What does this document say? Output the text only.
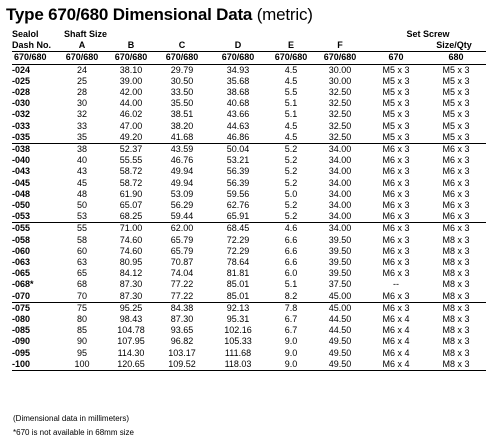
Type 670/680 Dimensional Data (metric)
Sealol	Shaft Size					Set Screw		
Dash No.	A	B	C	D	E	F	Size/Qty	
670/680	670/680	670/680	670/680	670/680	670/680	670/680	670	680
-024	24	38.10	29.79	34.93	4.5	30.00	M5 x 3	M5 x 3
-025	25	39.00	30.50	35.68	4.5	30.00	M5 x 3	M5 x 3
-028	28	42.00	33.50	38.68	5.5	32.50	M5 x 3	M5 x 3
-030	30	44.00	35.50	40.68	5.1	32.50	M5 x 3	M5 x 3
-032	32	46.02	38.51	43.66	5.1	32.50	M5 x 3	M5 x 3
-033	33	47.00	38.20	44.63	4.5	32.50	M5 x 3	M5 x 3
-035	35	49.20	41.68	46.86	4.5	32.50	M5 x 3	M5 x 3
-038	38	52.37	43.59	50.04	5.2	34.00	M6 x 3	M6 x 3
-040	40	55.55	46.76	53.21	5.2	34.00	M6 x 3	M6 x 3
-043	43	58.72	49.94	56.39	5.2	34.00	M6 x 3	M6 x 3
-045	45	58.72	49.94	56.39	5.2	34.00	M6 x 3	M6 x 3
-048	48	61.90	53.09	59.56	5.0	34.00	M6 x 3	M6 x 3
-050	50	65.07	56.29	62.76	5.2	34.00	M6 x 3	M6 x 3
-053	53	68.25	59.44	65.91	5.2	34.00	M6 x 3	M6 x 3
-055	55	71.00	62.00	68.45	4.6	34.00	M6 x 3	M6 x 3
-058	58	74.60	65.79	72.29	6.6	39.50	M6 x 3	M8 x 3
-060	60	74.60	65.79	72.29	6.6	39.50	M6 x 3	M8 x 3
-063	63	80.95	70.87	78.64	6.6	39.50	M6 x 3	M8 x 3
-065	65	84.12	74.04	81.81	6.0	39.50	M6 x 3	M8 x 3
-068*	68	87.30	77.22	85.01	5.1	37.50	--	M8 x 3
-070	70	87.30	77.22	85.01	8.2	45.00	M6 x 3	M8 x 3
-075	75	95.25	84.38	92.13	7.8	45.00	M6 x 3	M8 x 3
-080	80	98.43	87.30	95.31	6.7	44.50	M6 x 4	M8 x 3
-085	85	104.78	93.65	102.16	6.7	44.50	M6 x 4	M8 x 3
-090	90	107.95	96.82	105.33	9.0	49.50	M6 x 4	M8 x 3
-095	95	114.30	103.17	111.68	9.0	49.50	M6 x 4	M8 x 3
-100	100	120.65	109.52	118.03	9.0	49.50	M6 x 4	M8 x 3
(Dimensional data in millimeters)
*670 is not available in 68mm size
